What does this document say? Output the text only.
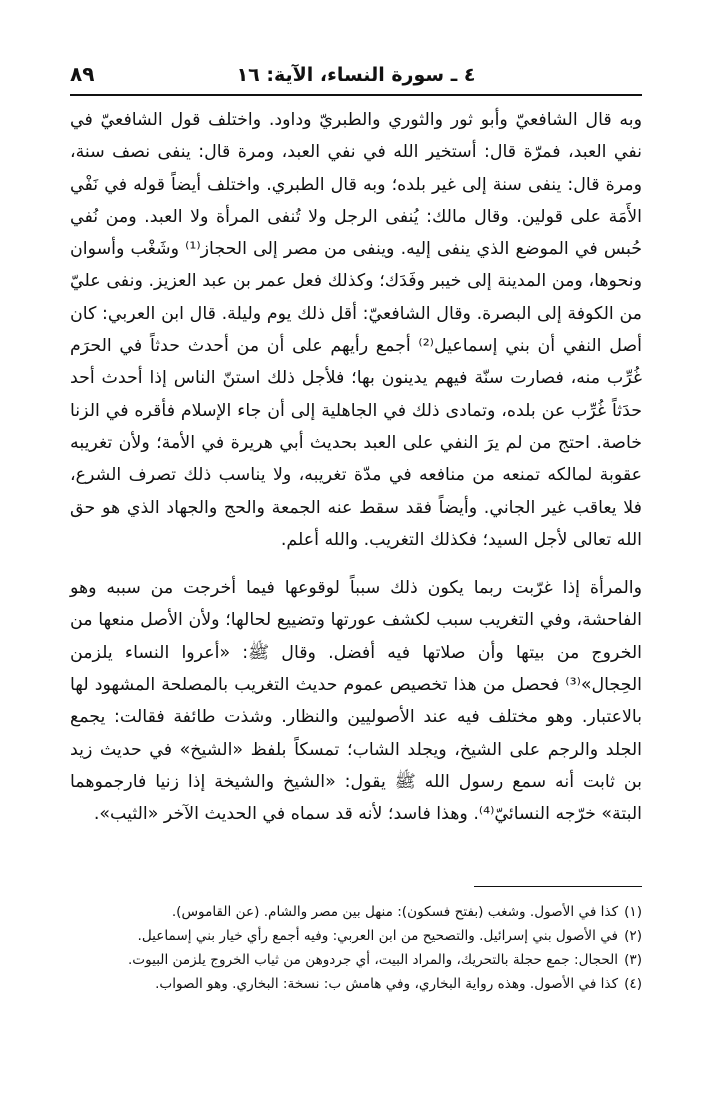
٤ ـ سورة النساء، الآية: ١٦
٨٩

وبه قال الشافعيّ وأبو ثور والثوري والطبريّ وداود. واختلف قول الشافعيّ في نفي العبد، فمرّة قال: أستخير الله في نفي العبد، ومرة قال: ينفى نصف سنة، ومرة قال: ينفى سنة إلى غير بلده؛ وبه قال الطبري. واختلف أيضاً قوله في نَفْي الأَمَة على قولين. وقال مالك: يُنفى الرجل ولا تُنفى المرأة ولا العبد. ومن نُفي حُبس في الموضع الذي ينفى إليه. وينفى من مصر إلى الحجاز⁽¹⁾ وشَغْب وأسوان ونحوها، ومن المدينة إلى خيبر وفَدَك؛ وكذلك فعل عمر بن عبد العزيز. ونفى عليّ من الكوفة إلى البصرة. وقال الشافعيّ: أقل ذلك يوم وليلة. قال ابن العربي: كان أصل النفي أن بني إسماعيل⁽²⁾ أجمع رأيهم على أن من أحدث حدثاً في الحرَم غُرِّب منه، فصارت سنّة فيهم يدينون بها؛ فلأجل ذلك استنّ الناس إذا أحدث أحد حدَثاً غُرِّب عن بلده، وتمادى ذلك في الجاهلية إلى أن جاء الإسلام فأقره في الزنا خاصة. احتج من لم يرَ النفي على العبد بحديث أبي هريرة في الأمة؛ ولأن تغريبه عقوبة لمالكه تمنعه من منافعه في مدّة تغريبه، ولا يناسب ذلك تصرف الشرع، فلا يعاقب غير الجاني. وأيضاً فقد سقط عنه الجمعة والحج والجهاد الذي هو حق الله تعالى لأجل السيد؛ فكذلك التغريب. والله أعلم.

والمرأة إذا غرّبت ربما يكون ذلك سبباً لوقوعها فيما أخرجت من سببه وهو الفاحشة، وفي التغريب سبب لكشف عورتها وتضييع لحالها؛ ولأن الأصل منعها من الخروج من بيتها وأن صلاتها فيه أفضل. وقال ﷺ: «أعروا النساء يلزمن الحِجال»⁽³⁾ فحصل من هذا تخصيص عموم حديث التغريب بالمصلحة المشهود لها بالاعتبار. وهو مختلف فيه عند الأصوليين والنظار. وشذت طائفة فقالت: يجمع الجلد والرجم على الشيخ، ويجلد الشاب؛ تمسكاً بلفظ «الشيخ» في حديث زيد بن ثابت أنه سمع رسول الله ﷺ يقول: «الشيخ والشيخة إذا زنيا فارجموهما البتة» خرّجه النسائيّ⁽⁴⁾. وهذا فاسد؛ لأنه قد سماه في الحديث الآخر «الثيب».

(١)كذا في الأصول. وشغب (بفتح فسكون): منهل بين مصر والشام. (عن القاموس).

(٢)في الأصول بني إسرائيل. والتصحيح من ابن العربي: وفيه أجمع رأي خيار بني إسماعيل.

(٣)الحجال: جمع حجلة بالتحريك، والمراد البيت، أي جردوهن من ثياب الخروج يلزمن البيوت.

(٤)كذا في الأصول. وهذه رواية البخاري، وفي هامش ب: نسخة: البخاري. وهو الصواب.
